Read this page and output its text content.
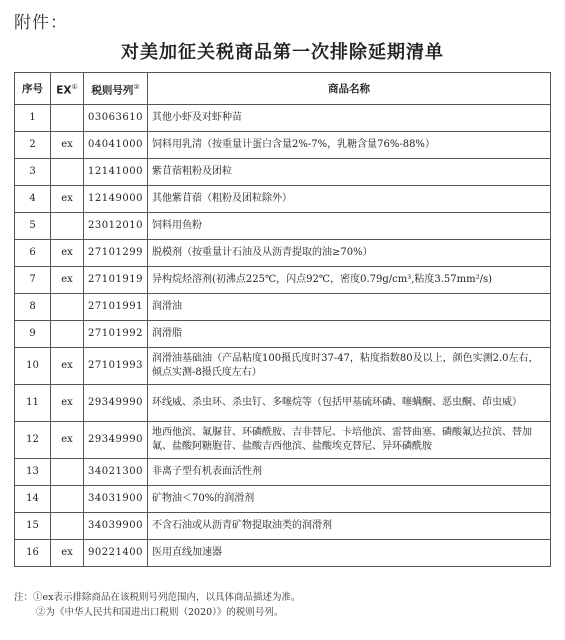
附件：
对美加征关税商品第一次排除延期清单
序号	EX①	税则号列②	商品名称
1		03063610	其他小虾及对虾种苗
2	ex	04041000	饲料用乳清（按重量计蛋白含量2%-7%，乳糖含量76%-88%）
3		12141000	紫苜蓿粗粉及团粒
4	ex	12149000	其他紫苜蓿（粗粉及团粒除外）
5		23012010	饲料用鱼粉
6	ex	27101299	脱模剂（按重量计石油及从沥青提取的油≥70%）
7	ex	27101919	异构烷烃溶剂(初沸点225℃，闪点92℃，密度0.79g/cm³,粘度3.57mm²/s)
8		27101991	润滑油
9		27101992	润滑脂
10	ex	27101993	润滑油基础油（产品粘度100摄氏度时37-47，粘度指数80及以上，颜色实测2.0左右，倾点实测-8摄氏度左右）
11	ex	29349990	环线威、杀虫环、杀虫钉、多噻烷等（包括甲基硫环磷、噻螨酮、恶虫酮、茚虫威）
12	ex	29349990	地西他滨、氟脲苷、环磷酰胺、吉非替尼、卡培他滨、雷替曲塞、磷酸氟达拉滨、替加氟、盐酸阿糖胞苷、盐酸吉西他滨、盐酸埃克替尼、异环磷酰胺
13		34021300	非离子型有机表面活性剂
14		34031900	矿物油＜70%的润滑剂
15		34039900	不含石油或从沥青矿物提取油类的润滑剂
16	ex	90221400	医用直线加速器
注：①ex表示排除商品在该税则号列范围内，以具体商品描述为准。
②为《中华人民共和国进出口税则（2020）》的税则号列。
